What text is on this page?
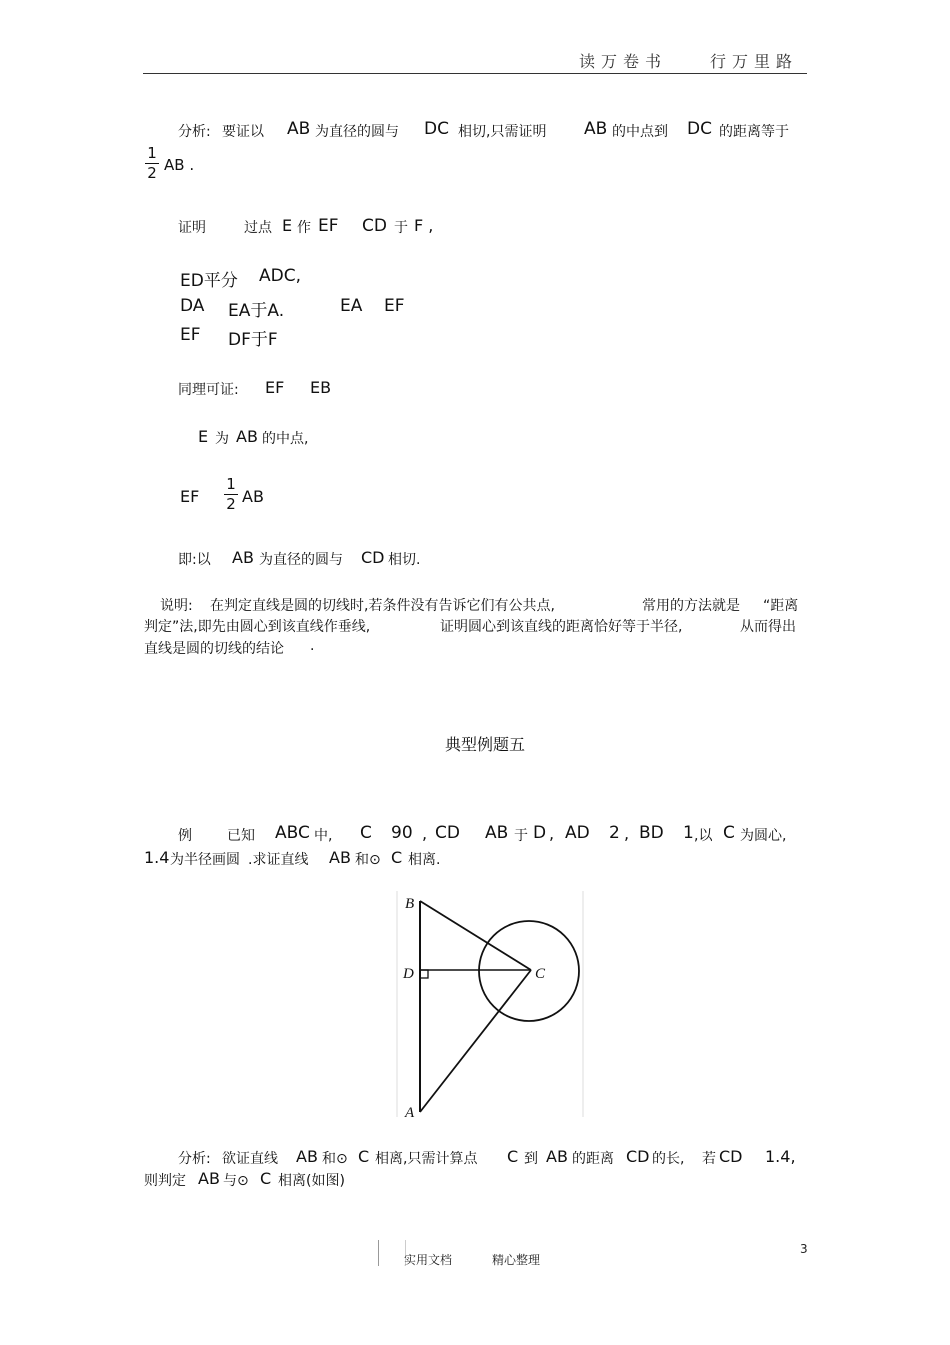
读万卷书	行万里路
分析: 要证以 AB 为直径的圆与 DC 相切,只需证明 AB 的中点到 DC 的距离等于
1
2 AB .
证明	过点 E 作 EF CD 于 F ,
ED平分 ADC,
DA EA于A.	EA EF
EF DF于F
同理可证: EF EB
E 为 AB 的中点,
EF
1
2 AB
即:以 AB 为直径的圆与 CD 相切.
说明: 在判定直线是圆的切线时,若条件没有告诉它们有公共点,	常用的方法就是 “距离
判定”法,即先由圆心到该直线作垂线,	证明圆心到该直线的距离恰好等于半径,	从而得出
直线是圆的切线的结论 .
典型例题五
例	已知 ABC 中, C 90 , CD AB 于 D , AD 2 , BD 1 ,以 C 为圆心,
1.4 为半径画圆 .求证直线 AB 和⊙ C 相离.
B
D	C
A
分析: 欲证直线 AB 和⊙ C 相离,只需计算点 C 到 AB 的距离 CD 的长, 若 CD 1.4,
则判定 AB 与⊙ C 相离(如图)
实用文档	精心整理
3
